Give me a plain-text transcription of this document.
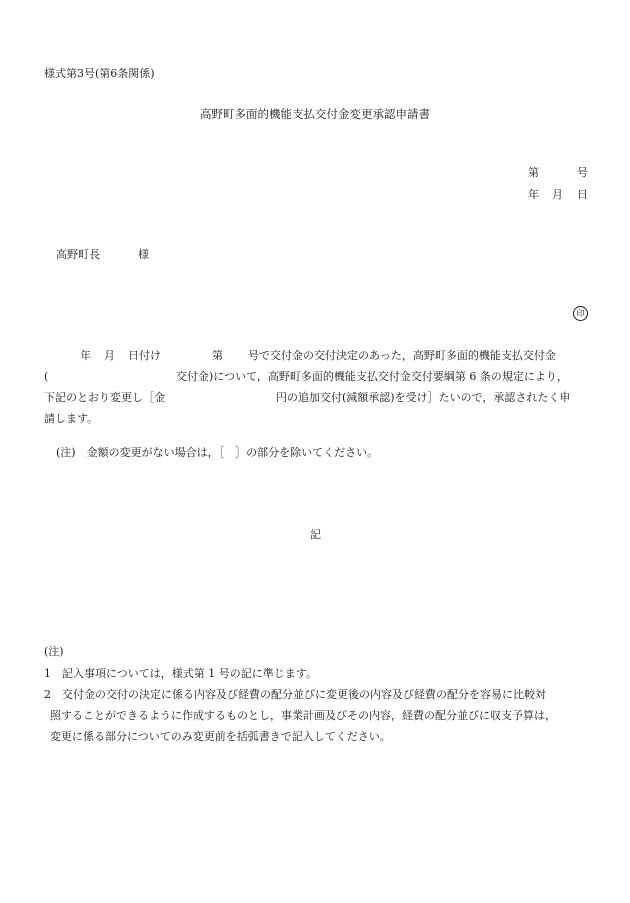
様式第3号(第6条関係)
高野町多面的機能支払交付金変更承認申請書
第	号
年 月 日
高野町長	様
印
年 月 日付け	第 号で交付金の交付決定のあった，高野町多面的機能支払交付金
(	交付金)について，高野町多面的機能支払交付金交付要綱第 6 条の規定により，
下記のとおり変更し［金	円の追加交付(減額承認)を受け］たいので，承認されたく申
請します。
(注)　金額の変更がない場合は，［　］の部分を除いてください。
記
(注)
1　記入事項については，様式第 1 号の記に準じます。
2　交付金の交付の決定に係る内容及び経費の配分並びに変更後の内容及び経費の配分を容易に比較対
照することができるように作成するものとし，事業計画及びその内容，経費の配分並びに収支予算は，
変更に係る部分についてのみ変更前を括弧書きで記入してください。
